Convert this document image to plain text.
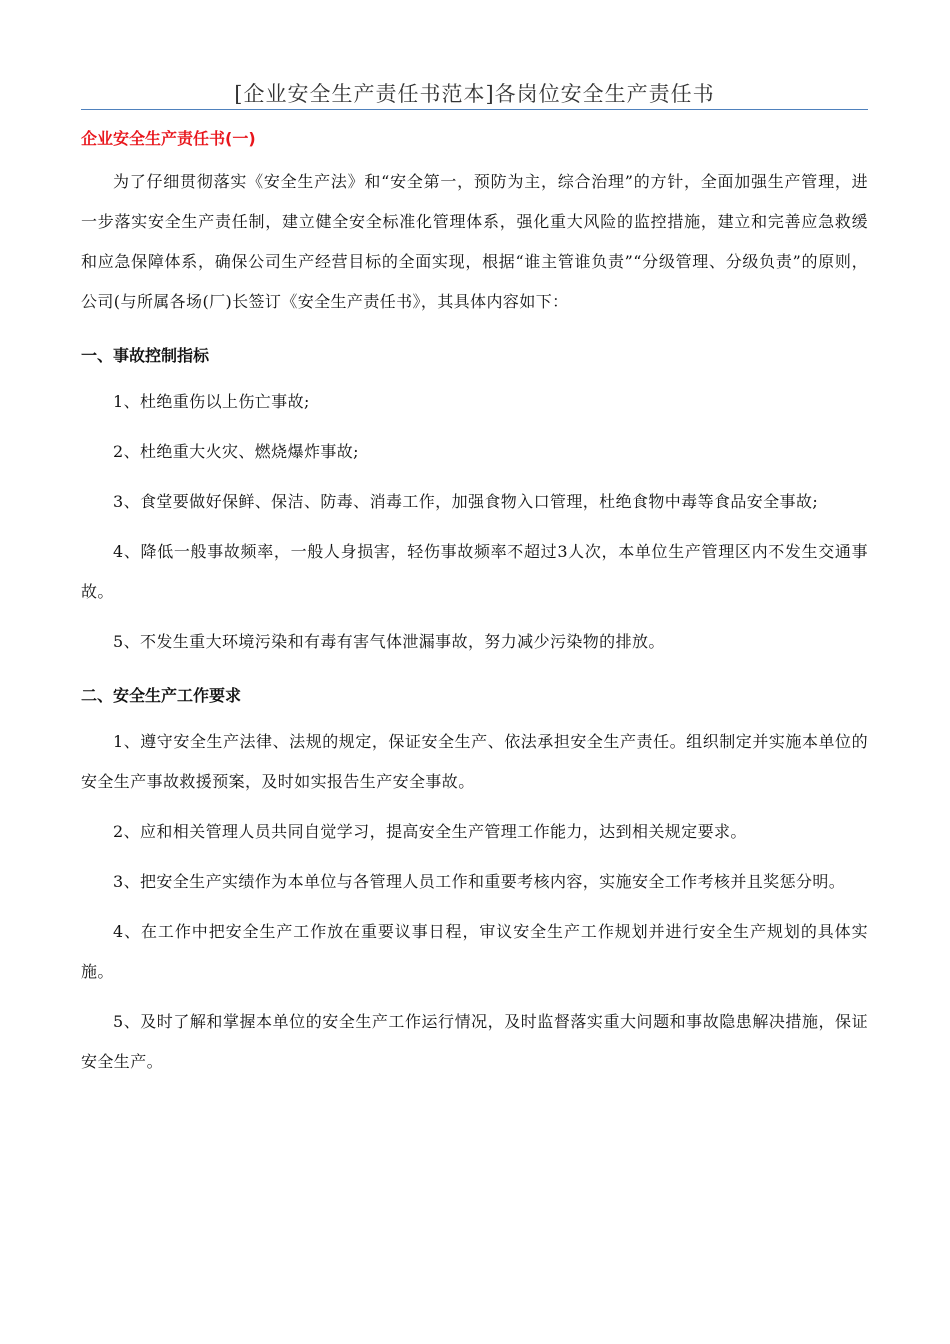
[企业安全生产责任书范本]各岗位安全生产责任书
企业安全生产责任书(一)

为了仔细贯彻落实《安全生产法》和“安全第一，预防为主，综合治理”的方针，全面加强生产管理，进一步落实安全生产责任制，建立健全安全标准化管理体系，强化重大风险的监控措施，建立和完善应急救缓和应急保障体系，确保公司生产经营目标的全面实现，根据“谁主管谁负责”“分级管理、分级负责”的原则，公司(与所属各场(厂)长签订《安全生产责任书》，其具体内容如下：

一、事故控制指标

1、杜绝重伤以上伤亡事故;

2、杜绝重大火灾、燃烧爆炸事故;

3、食堂要做好保鲜、保洁、防毒、消毒工作，加强食物入口管理，杜绝食物中毒等食品安全事故;

4、降低一般事故频率，一般人身损害，轻伤事故频率不超过3人次，本单位生产管理区内不发生交通事故。

5、不发生重大环境污染和有毒有害气体泄漏事故，努力减少污染物的排放。

二、安全生产工作要求

1、遵守安全生产法律、法规的规定，保证安全生产、依法承担安全生产责任。组织制定并实施本单位的安全生产事故救援预案，及时如实报告生产安全事故。

2、应和相关管理人员共同自觉学习，提高安全生产管理工作能力，达到相关规定要求。

3、把安全生产实绩作为本单位与各管理人员工作和重要考核内容，实施安全工作考核并且奖惩分明。

4、在工作中把安全生产工作放在重要议事日程，审议安全生产工作规划并进行安全生产规划的具体实施。

5、及时了解和掌握本单位的安全生产工作运行情况，及时监督落实重大问题和事故隐患解决措施，保证安全生产。
